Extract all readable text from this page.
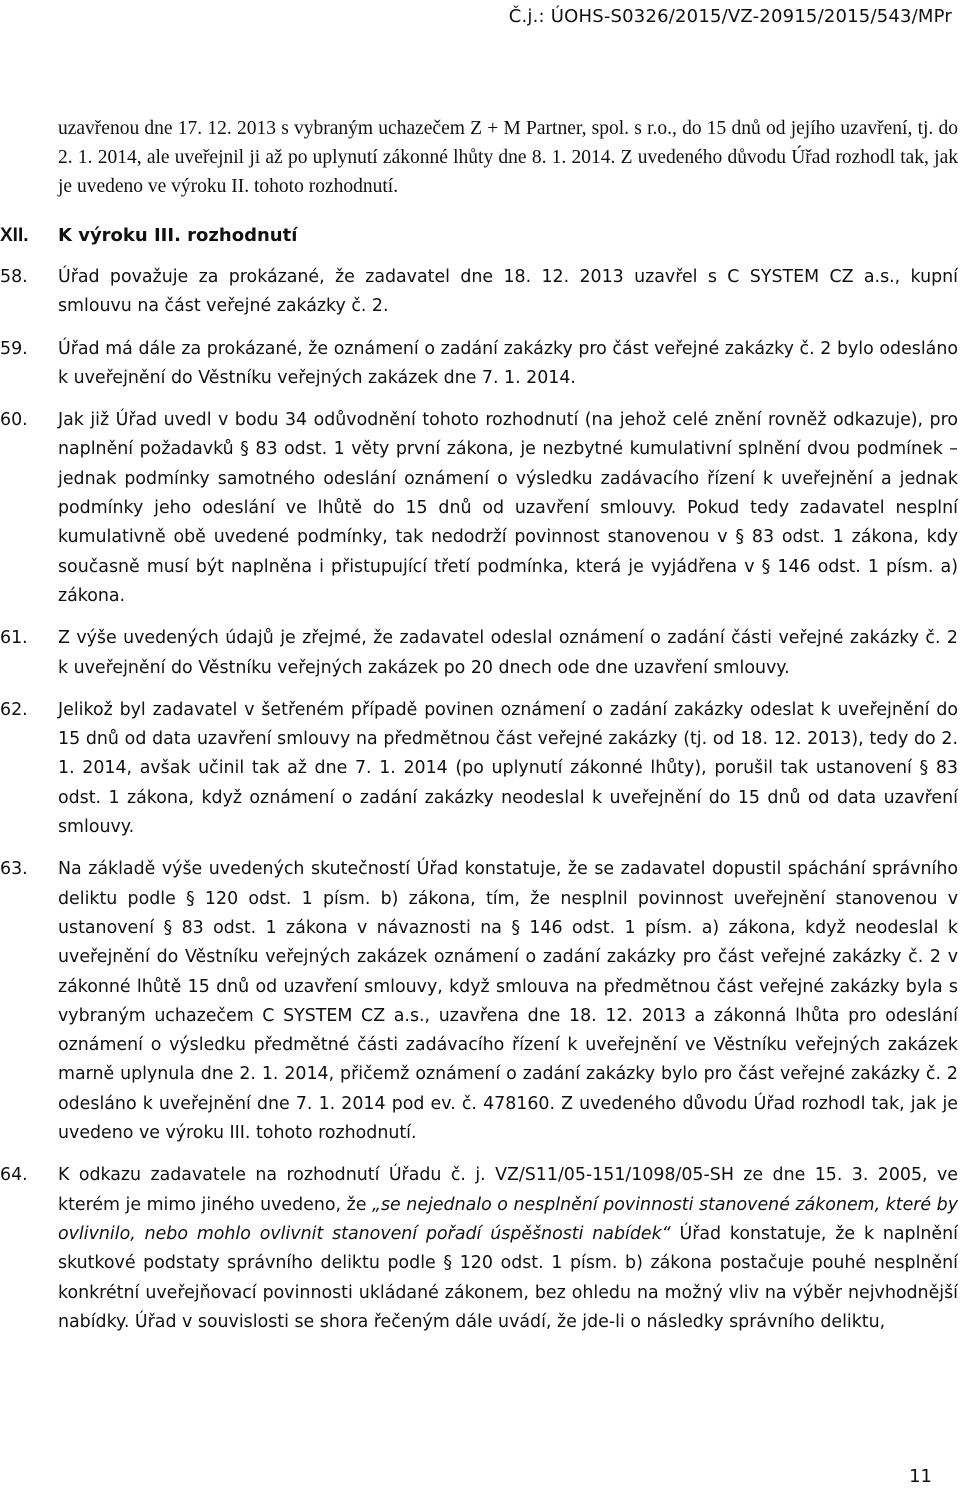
Č.j.: ÚOHS-S0326/2015/VZ-20915/2015/543/MPr

uzavřenou dne 17. 12. 2013 s vybraným uchazečem Z + M Partner, spol. s r.o., do 15 dnů od jejího uzavření, tj. do 2. 1. 2014, ale uveřejnil ji až po uplynutí zákonné lhůty dne 8. 1. 2014. Z uvedeného důvodu Úřad rozhodl tak, jak je uvedeno ve výroku II. tohoto rozhodnutí.

XII. K výroku III. rozhodnutí
58. Úřad považuje za prokázané, že zadavatel dne 18. 12. 2013 uzavřel s C SYSTEM CZ a.s., kupní smlouvu na část veřejné zakázky č. 2.
59. Úřad má dále za prokázané, že oznámení o zadání zakázky pro část veřejné zakázky č. 2 bylo odesláno k uveřejnění do Věstníku veřejných zakázek dne 7. 1. 2014.
60. Jak již Úřad uvedl v bodu 34 odůvodnění tohoto rozhodnutí (na jehož celé znění rovněž odkazuje), pro naplnění požadavků § 83 odst. 1 věty první zákona, je nezbytné kumulativní splnění dvou podmínek – jednak podmínky samotného odeslání oznámení o výsledku zadávacího řízení k uveřejnění a jednak podmínky jeho odeslání ve lhůtě do 15 dnů od uzavření smlouvy. Pokud tedy zadavatel nesplní kumulativně obě uvedené podmínky, tak nedodrží povinnost stanovenou v § 83 odst. 1 zákona, kdy současně musí být naplněna i přistupující třetí podmínka, která je vyjádřena v § 146 odst. 1 písm. a) zákona.
61. Z výše uvedených údajů je zřejmé, že zadavatel odeslal oznámení o zadání části veřejné zakázky č. 2 k uveřejnění do Věstníku veřejných zakázek po 20 dnech ode dne uzavření smlouvy.
62. Jelikož byl zadavatel v šetřeném případě povinen oznámení o zadání zakázky odeslat k uveřejnění do 15 dnů od data uzavření smlouvy na předmětnou část veřejné zakázky (tj. od 18. 12. 2013), tedy do 2. 1. 2014, avšak učinil tak až dne 7. 1. 2014 (po uplynutí zákonné lhůty), porušil tak ustanovení § 83 odst. 1 zákona, když oznámení o zadání zakázky neodeslal k uveřejnění do 15 dnů od data uzavření smlouvy.
63. Na základě výše uvedených skutečností Úřad konstatuje, že se zadavatel dopustil spáchání správního deliktu podle § 120 odst. 1 písm. b) zákona, tím, že nesplnil povinnost uveřejnění stanovenou v ustanovení § 83 odst. 1 zákona v návaznosti na § 146 odst. 1 písm. a) zákona, když neodeslal k uveřejnění do Věstníku veřejných zakázek oznámení o zadání zakázky pro část veřejné zakázky č. 2 v zákonné lhůtě 15 dnů od uzavření smlouvy, když smlouva na předmětnou část veřejné zakázky byla s vybraným uchazečem C SYSTEM CZ a.s., uzavřena dne 18. 12. 2013 a zákonná lhůta pro odeslání oznámení o výsledku předmětné části zadávacího řízení k uveřejnění ve Věstníku veřejných zakázek marně uplynula dne 2. 1. 2014, přičemž oznámení o zadání zakázky bylo pro část veřejné zakázky č. 2 odesláno k uveřejnění dne 7. 1. 2014 pod ev. č. 478160. Z uvedeného důvodu Úřad rozhodl tak, jak je uvedeno ve výroku III. tohoto rozhodnutí.
64. K odkazu zadavatele na rozhodnutí Úřadu č. j. VZ/S11/05-151/1098/05-SH ze dne 15. 3. 2005, ve kterém je mimo jiného uvedeno, že „se nejednalo o nesplnění povinnosti stanovené zákonem, které by ovlivnilo, nebo mohlo ovlivnit stanovení pořadí úspěšnosti nabídek“ Úřad konstatuje, že k naplnění skutkové podstaty správního deliktu podle § 120 odst. 1 písm. b) zákona postačuje pouhé nesplnění konkrétní uveřejňovací povinnosti ukládané zákonem, bez ohledu na možný vliv na výběr nejvhodnější nabídky. Úřad v souvislosti se shora řečeným dále uvádí, že jde-li o následky správního deliktu,
11
